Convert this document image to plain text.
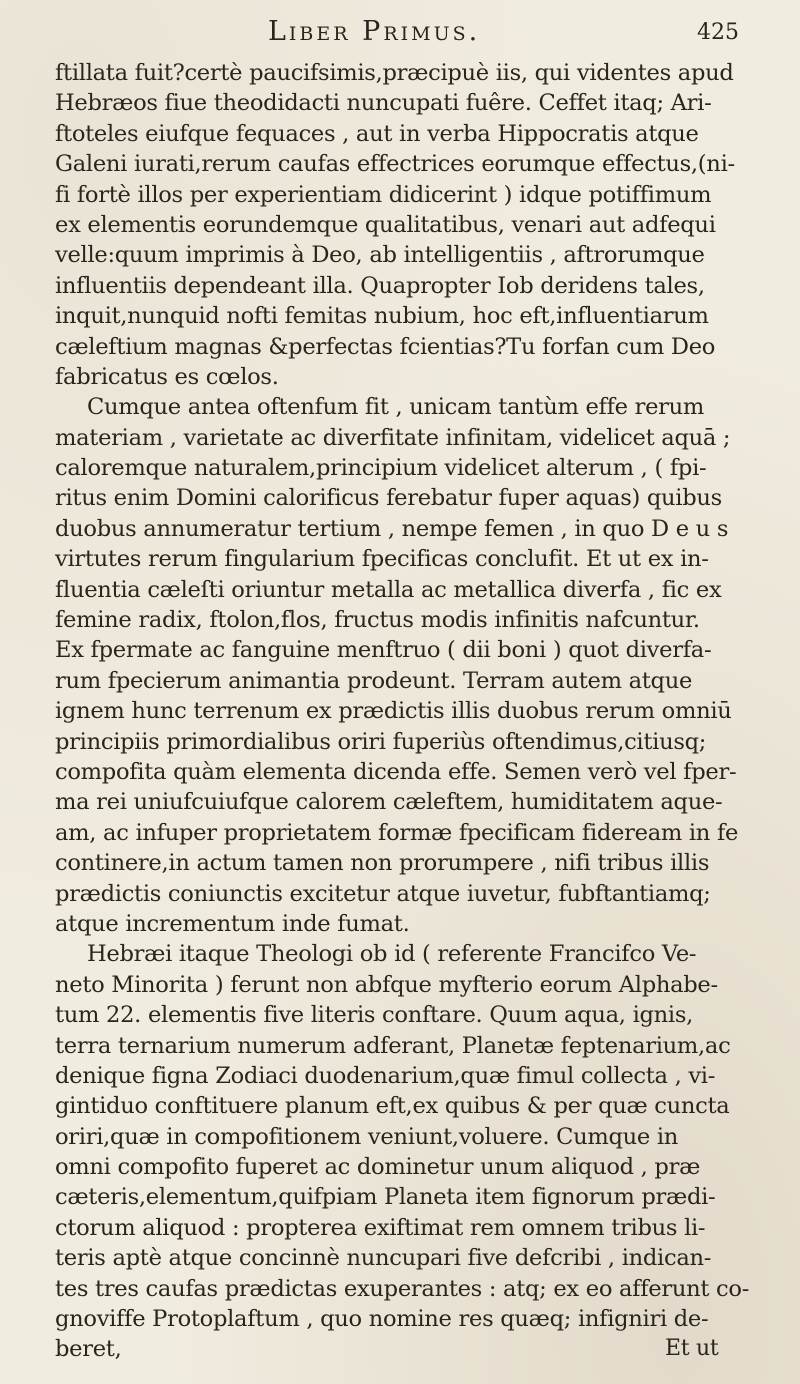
Liber Primus.	425
ftillata fuit?certè paucifsimis,præcipuè iis, qui videntes apud
Hebræos fiue theodidacti nuncupati fuêre. Ceffet itaq; Ari-
ftoteles eiufque fequaces , aut in verba Hippocratis atque
Galeni iurati,rerum caufas effectrices eorumque effectus,(ni-
fi fortè illos per experientiam didicerint ) idque potiffimum
ex elementis eorundemque qualitatibus, venari aut adfequi
velle:quum imprimis à Deo, ab intelligentiis , aftrorumque
influentiis dependeant illa. Quapropter Iob deridens tales,
inquit,nunquid nofti femitas nubium, hoc eft,influentiarum
cæleftium magnas &perfectas fcientias?Tu forfan cum Deo
fabricatus es cœlos.
Cumque antea oftenfum fit , unicam tantùm effe rerum
materiam , varietate ac diverfitate infinitam, videlicet aquā ;
caloremque naturalem,principium videlicet alterum , ( fpi-
ritus enim Domini calorificus ferebatur fuper aquas) quibus
duobus annumeratur tertium , nempe femen , in quo D e u s
virtutes rerum fingularium fpecificas conclufit. Et ut ex in-
fluentia cæleſti oriuntur metalla ac metallica diverfa , fic ex
femine radix, ftolon,flos, fructus modis infinitis nafcuntur.
Ex fpermate ac fanguine menftruo ( dii boni ) quot diverfa-
rum fpecierum animantia prodeunt. Terram autem atque
ignem hunc terrenum ex prædictis illis duobus rerum omniū
principiis primordialibus oriri fuperiùs oftendimus,citiusq;
compofita quàm elementa dicenda effe. Semen verò vel fper-
ma rei uniufcuiufque calorem cæleftem, humiditatem aque-
am, ac infuper proprietatem formæ fpecificam fideream in fe
continere,in actum tamen non prorumpere , nifi tribus illis
prædictis coniunctis excitetur atque iuvetur, fubftantiamq;
atque incrementum inde fumat.
Hebræi itaque Theologi ob id ( referente Francifco Ve-
neto Minorita ) ferunt non abfque myfterio eorum Alphabe-
tum 22. elementis five literis conftare. Quum aqua, ignis,
terra ternarium numerum adferant, Planetæ feptenarium,ac
denique figna Zodiaci duodenarium,quæ fimul collecta , vi-
gintiduo conftituere planum eft,ex quibus & per quæ cuncta
oriri,quæ in compofitionem veniunt,voluere. Cumque in
omni compofito fuperet ac dominetur unum aliquod , præ
cæteris,elementum,quifpiam Planeta item fignorum prædi-
ctorum aliquod : propterea exiftimat rem omnem tribus li-
teris aptè atque concinnè nuncupari five defcribi , indican-
tes tres caufas prædictas exuperantes : atq; ex eo afferunt co-
gnoviffe Protoplaftum , quo nomine res quæq; infigniri de-
beret,	Et ut
